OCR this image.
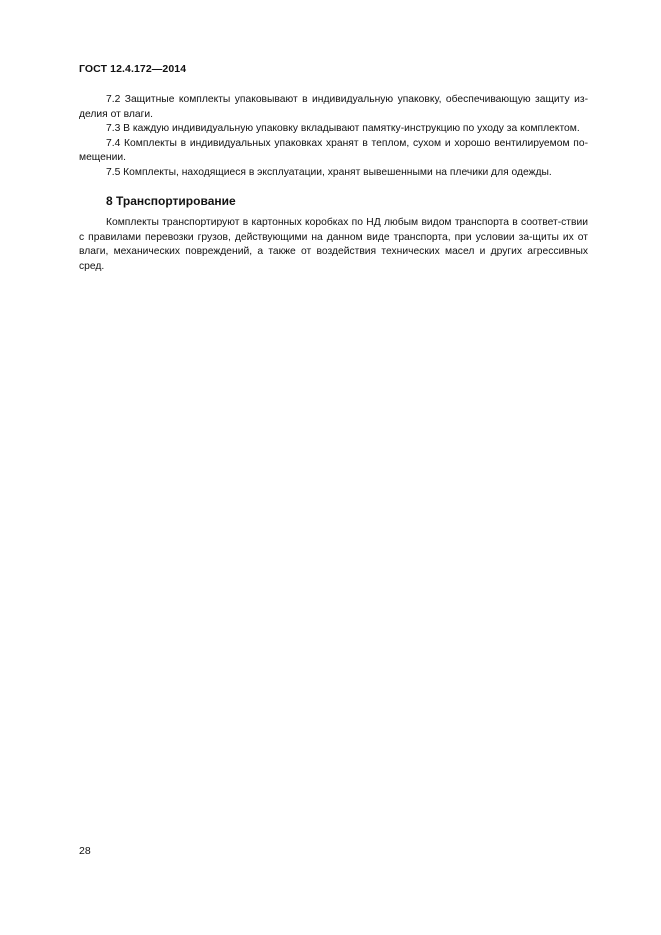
ГОСТ 12.4.172—2014

7.2 Защитные комплекты упаковывают в индивидуальную упаковку, обеспечивающую защиту из-делия от влаги.

7.3 В каждую индивидуальную упаковку вкладывают памятку-инструкцию по уходу за комплектом.

7.4 Комплекты в индивидуальных упаковках хранят в теплом, сухом и хорошо вентилируемом по-мещении.

7.5 Комплекты, находящиеся в эксплуатации, хранят вывешенными на плечики для одежды.

8 Транспортирование

Комплекты транспортируют в картонных коробках по НД любым видом транспорта в соответ-ствии с правилами перевозки грузов, действующими на данном виде транспорта, при условии за-щиты их от влаги, механических повреждений, а также от воздействия технических масел и других агрессивных сред.

28
